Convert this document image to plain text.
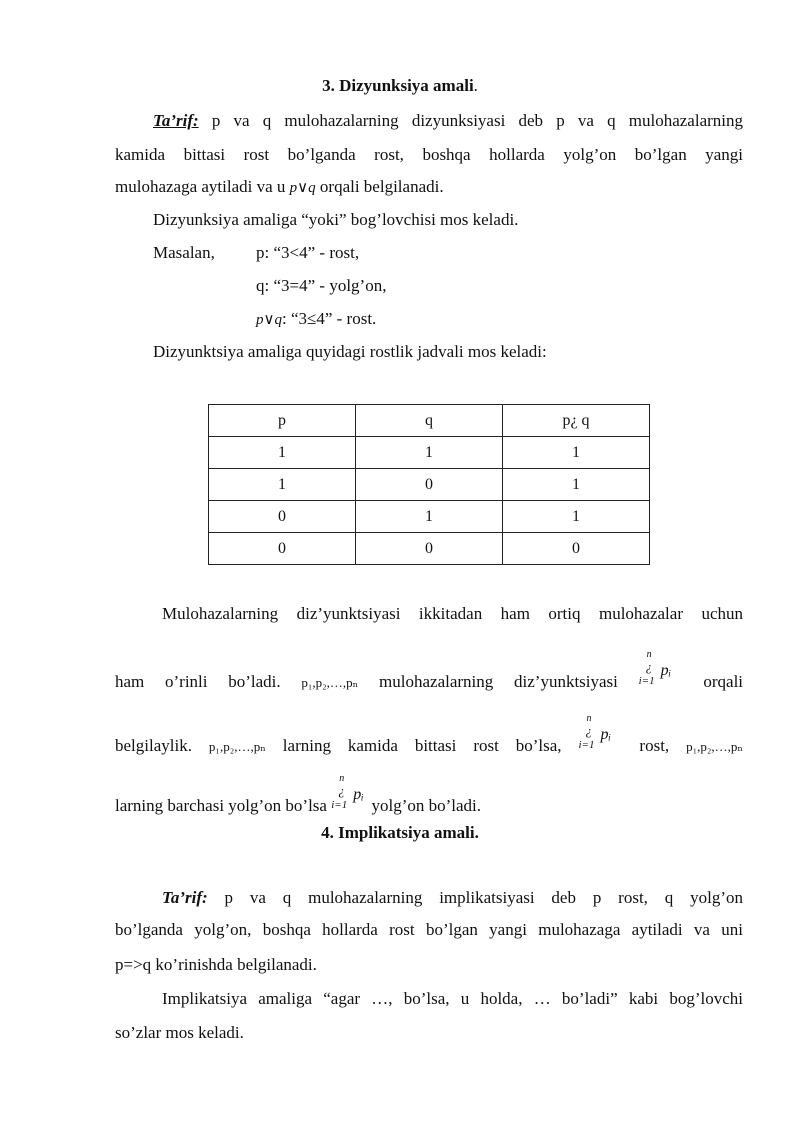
3. Dizyunksiya amali.
Ta’rif: p va q mulohazalarning dizyunksiyasi deb p va q mulohazalarning
kamida bittasi rost bo’lganda rost, boshqa hollarda yolg’on bo’lgan yangi
mulohazaga aytiladi va u p∨q orqali belgilanadi.
Dizyunksiya amaliga “yoki” bog’lovchisi mos keladi.
Masalan, p: “3<4” - rost,
q: “3=4” - yolg’on,
p∨q: “3≤4” - rost.
Dizyunktsiya amaliga quyidagi rostlik jadvali mos keladi:
p	q	p¿ q
1	1	1
1	0	1
0	1	1
0	0	0
Mulohazalarning diz’yunktsiyasi ikkitadan ham ortiq mulohazalar uchun
ham o’rinli bo’ladi. p₁,p₂,…,pₙ mulohazalarning diz’yunktsiyasi
n
¿
i=1
pᵢ
orqali
belgilaylik. p₁,p₂,…,pₙ larning kamida bittasi rost bo’lsa,
n
¿
i=1
pᵢ
rost, p₁,p₂,…,pₙ
larning barchasi yolg’on bo’lsa
n
¿
i=1
pᵢ
yolg’on bo’ladi.
4. Implikatsiya amali.
Ta’rif: p va q mulohazalarning implikatsiyasi deb p rost, q yolg’on
bo’lganda yolg’on, boshqa hollarda rost bo’lgan yangi mulohazaga aytiladi va uni
p=>q ko’rinishda belgilanadi.
Implikatsiya amaliga “agar …, bo’lsa, u holda, … bo’ladi” kabi bog’lovchi
so’zlar mos keladi.
